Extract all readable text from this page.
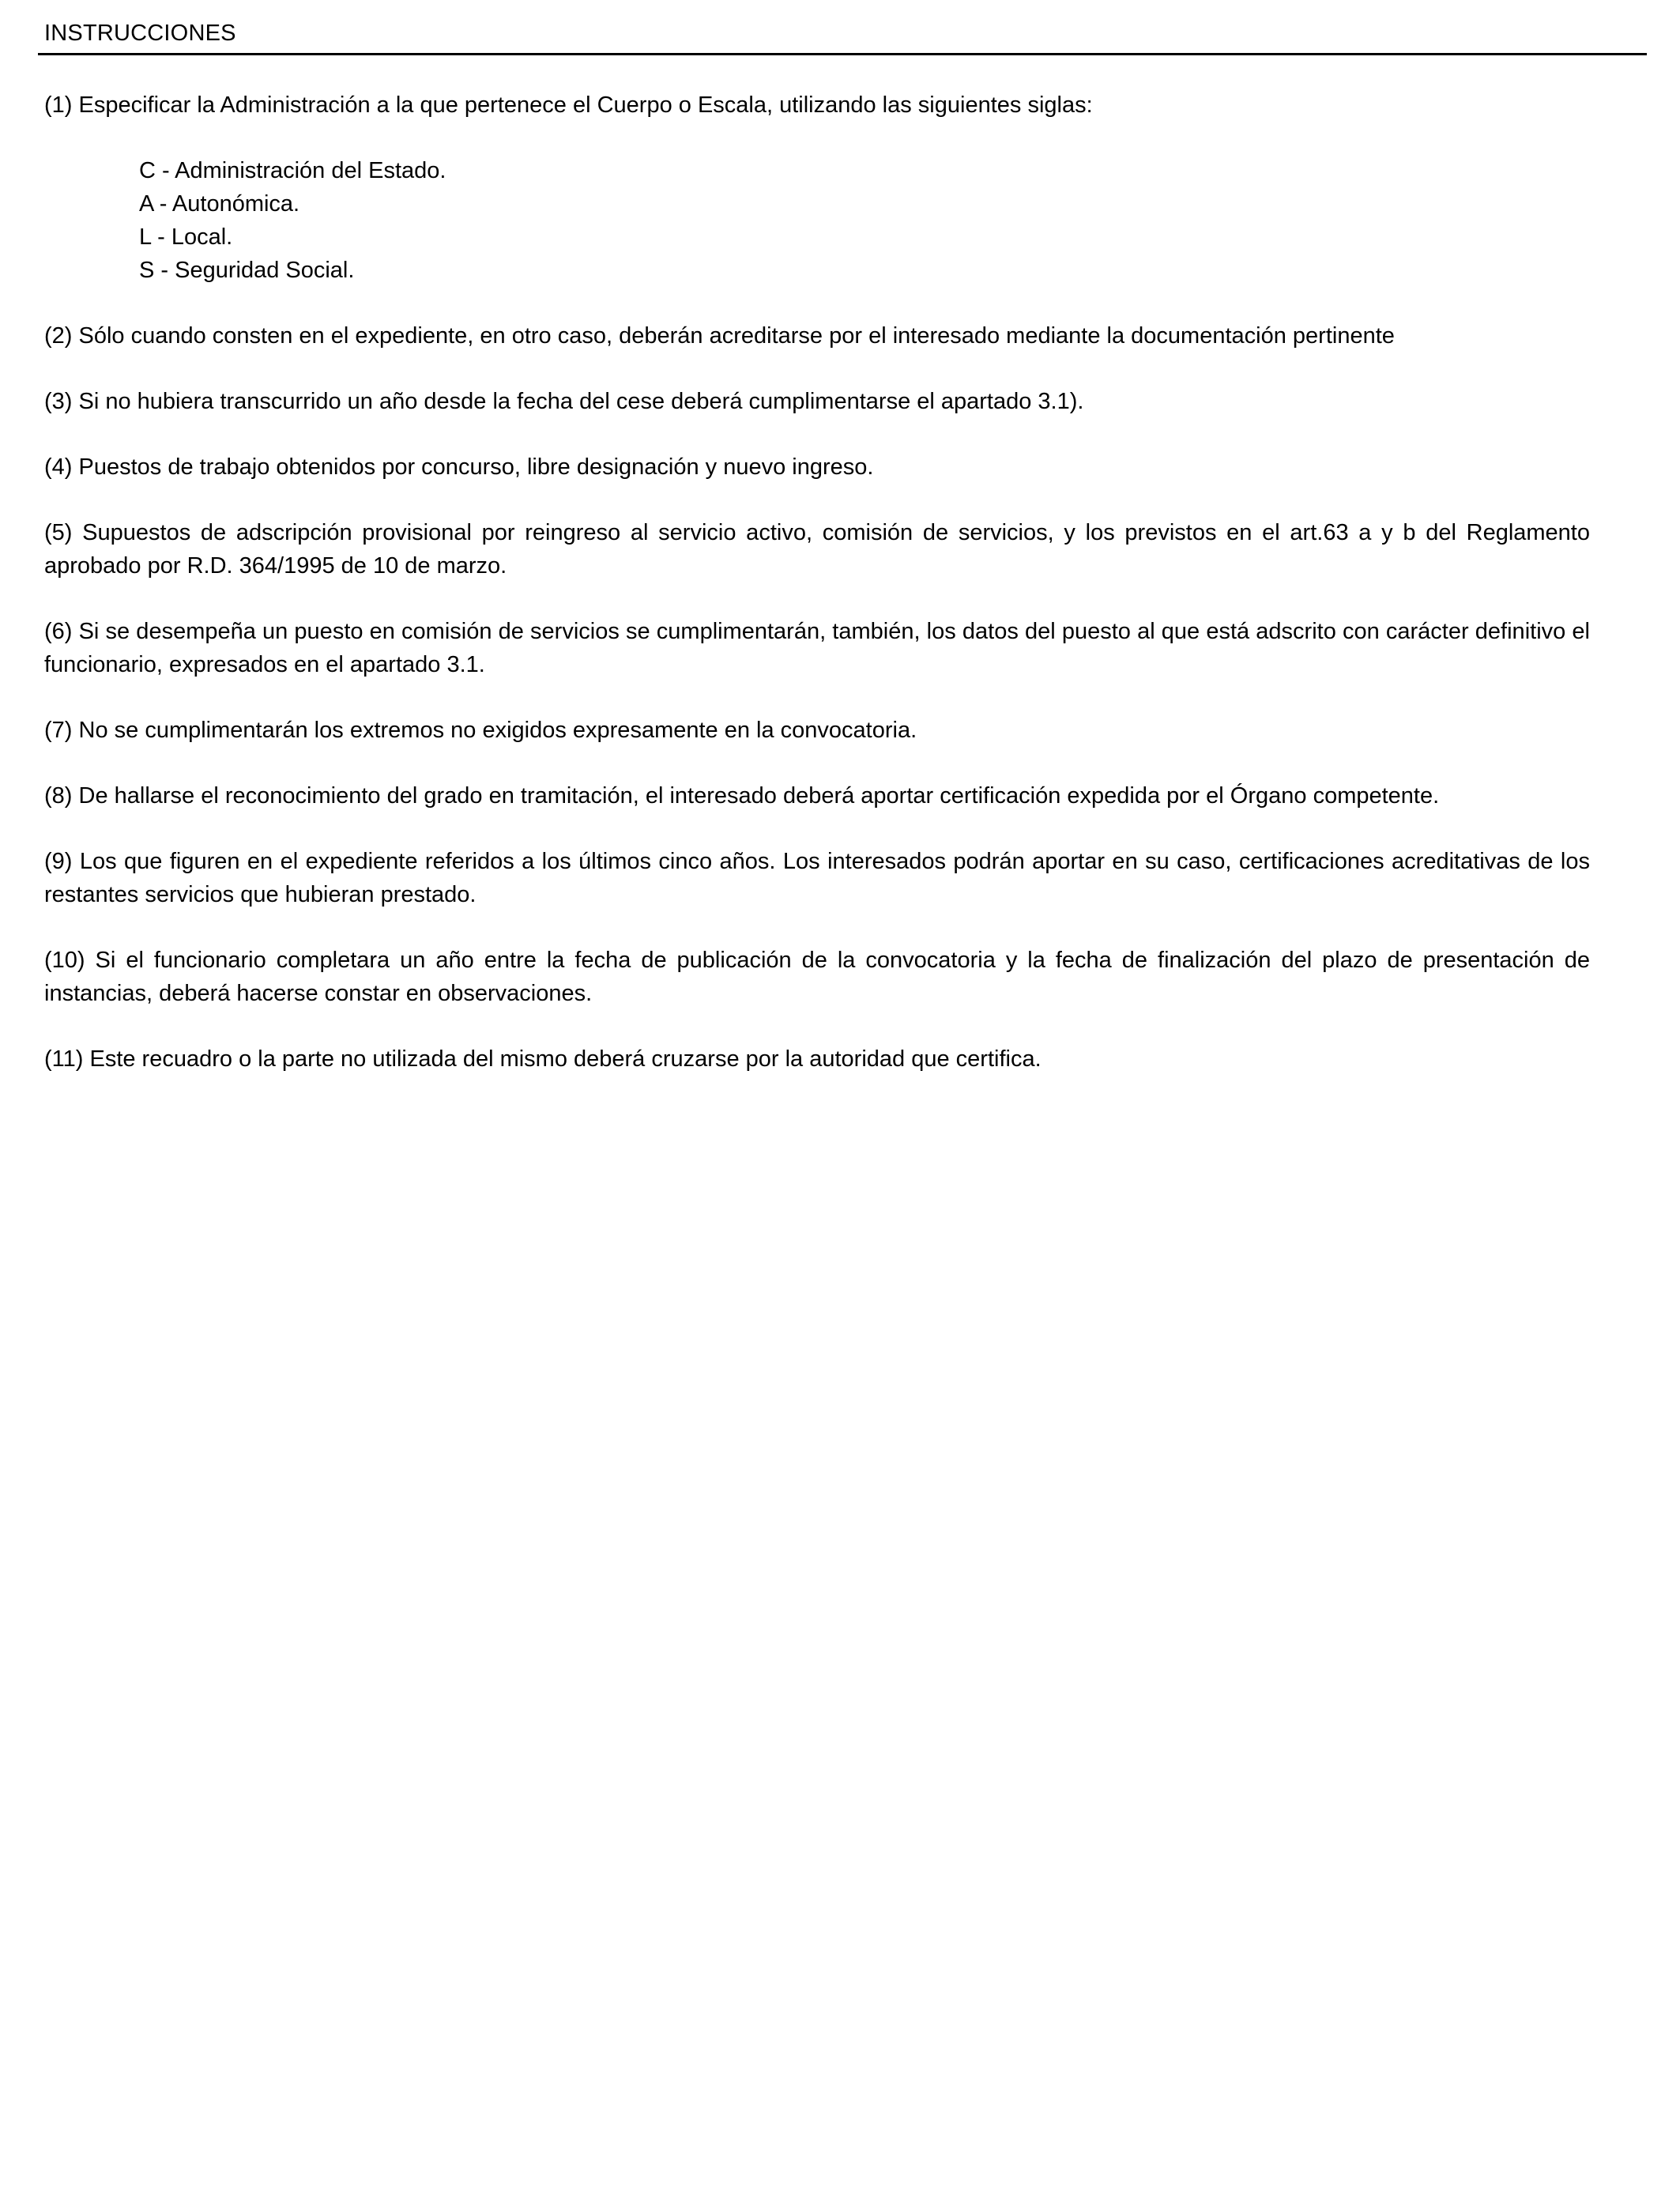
INSTRUCCIONES

(1) Especificar la Administración a la que pertenece el Cuerpo o Escala, utilizando las siguientes siglas:

C - Administración del Estado.
A - Autonómica.
L - Local.
S - Seguridad Social.

(2) Sólo cuando consten en el expediente, en otro caso, deberán acreditarse por el interesado mediante la documentación pertinente

(3) Si no hubiera transcurrido un año desde la fecha del cese deberá cumplimentarse el apartado 3.1).

(4) Puestos de trabajo obtenidos por concurso, libre designación y nuevo ingreso.

(5) Supuestos de adscripción provisional por reingreso al servicio activo, comisión de servicios, y los previstos en el art.63 a y b del Reglamento aprobado por R.D. 364/1995 de 10 de marzo.

(6) Si se desempeña un puesto en comisión de servicios se cumplimentarán, también, los datos del puesto al que está adscrito con carácter definitivo el funcionario, expresados en el apartado 3.1.

(7) No se cumplimentarán los extremos no exigidos expresamente en la convocatoria.

(8) De hallarse el reconocimiento del grado en tramitación, el interesado deberá aportar certificación expedida por el Órgano competente.

(9) Los que figuren en el expediente referidos a los últimos cinco años. Los interesados podrán aportar en su caso, certificaciones acreditativas de los restantes servicios que hubieran prestado.

(10) Si el funcionario completara un año entre la fecha de publicación de la convocatoria y la fecha de finalización del plazo de presentación de instancias, deberá hacerse constar en observaciones.

(11) Este recuadro o la parte no utilizada del mismo deberá cruzarse por la autoridad que certifica.
